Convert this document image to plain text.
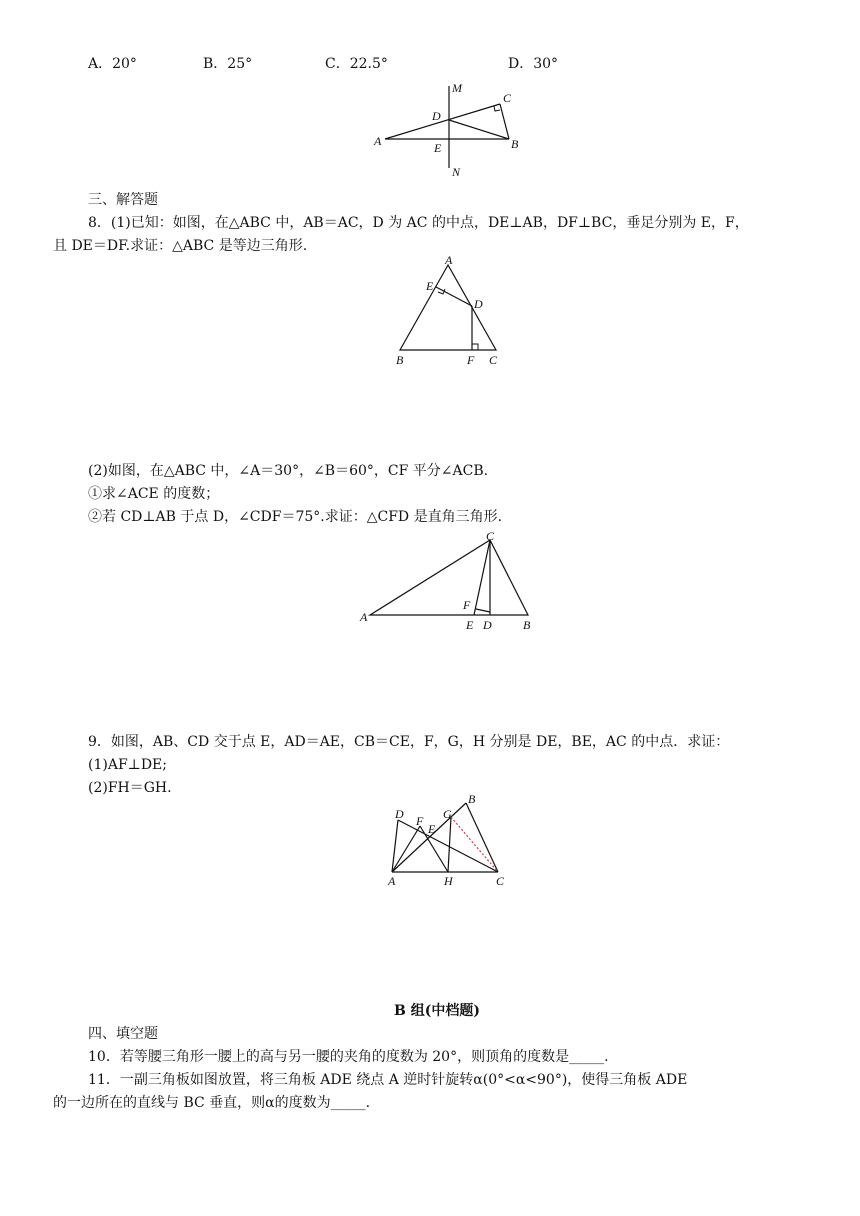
A．20°	B．25°	C．22.5°	D．30°
M
C
D
A	E	B
N
三、解答题
8．(1)已知：如图，在△ABC 中，AB＝AC，D 为 AC 的中点，DE⊥AB，DF⊥BC，垂足分别为 E，F，
且 DE＝DF.求证：△ABC 是等边三角形.
A
E
D
B	F C
(2)如图，在△ABC 中，∠A＝30°，∠B＝60°，CF 平分∠ACB.
①求∠ACE 的度数；
②若 CD⊥AB 于点 D，∠CDF＝75°.求证：△CFD 是直角三角形.
C
F
A
E D	B
9．如图，AB、CD 交于点 E，AD＝AE，CB＝CE，F，G，H 分别是 DE，BE，AC 的中点．求证：
(1)AF⊥DE;
(2)FH＝GH.
D F
E
G
B
A	H	C
B 组(中档题)
四、填空题
10．若等腰三角形一腰上的高与另一腰的夹角的度数为 20°，则顶角的度数是_____.
11．一副三角板如图放置，将三角板 ADE 绕点 A 逆时针旋转α(0°<α<90°)，使得三角板 ADE
的一边所在的直线与 BC 垂直，则α的度数为_____.
